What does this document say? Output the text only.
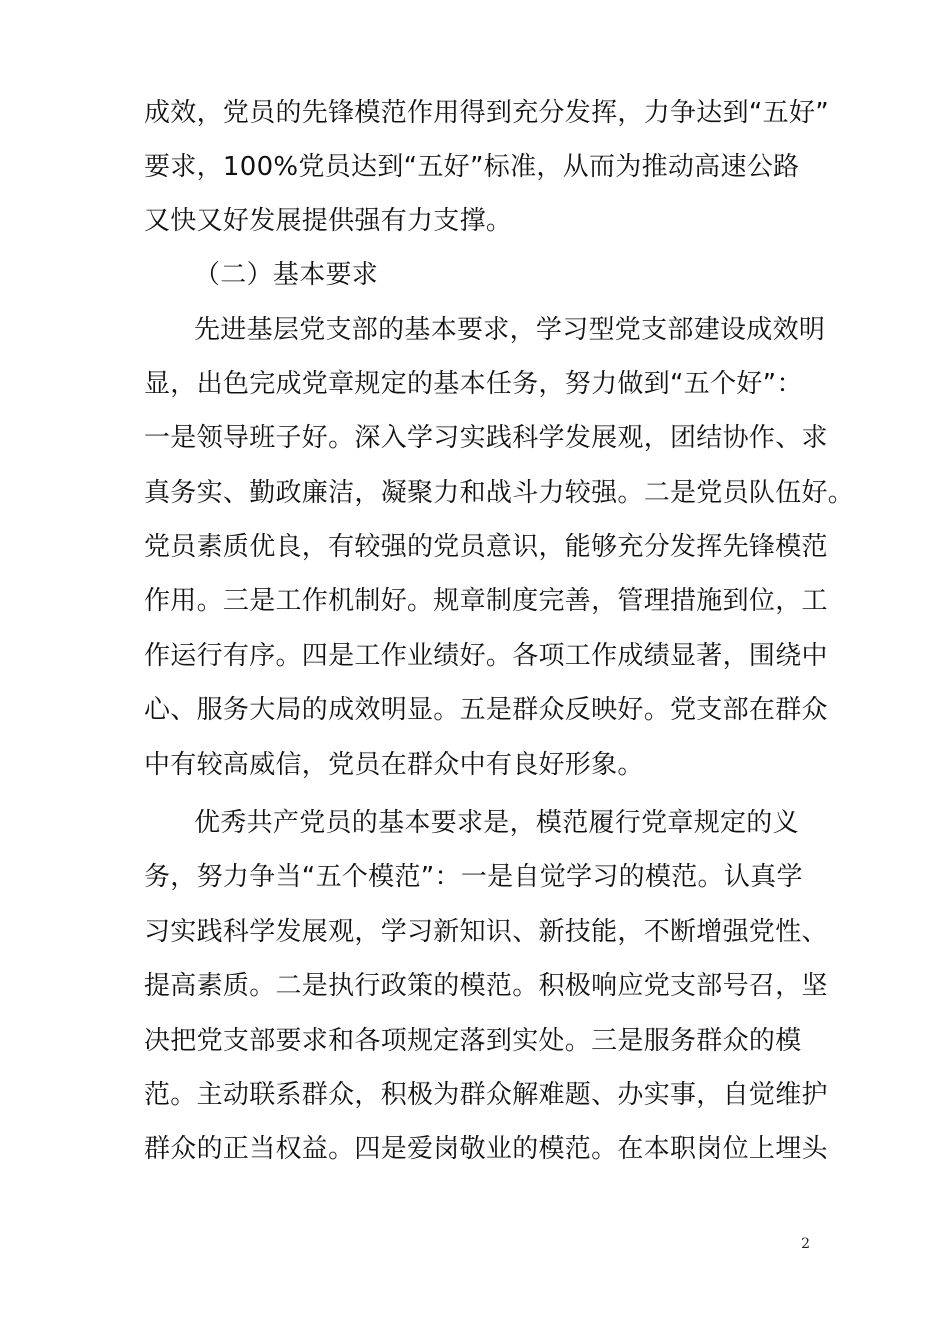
成效，党员的先锋模范作用得到充分发挥，力争达到“五好”
要求，100%党员达到“五好”标准，从而为推动高速公路
又快又好发展提供强有力支撑。
（二）基本要求
先进基层党支部的基本要求，学习型党支部建设成效明
显，出色完成党章规定的基本任务，努力做到“五个好”：
一是领导班子好。深入学习实践科学发展观，团结协作、求
真务实、勤政廉洁，凝聚力和战斗力较强。二是党员队伍好。
党员素质优良，有较强的党员意识，能够充分发挥先锋模范
作用。三是工作机制好。规章制度完善，管理措施到位，工
作运行有序。四是工作业绩好。各项工作成绩显著，围绕中
心、服务大局的成效明显。五是群众反映好。党支部在群众
中有较高威信，党员在群众中有良好形象。
优秀共产党员的基本要求是，模范履行党章规定的义
务，努力争当“五个模范”：一是自觉学习的模范。认真学
习实践科学发展观，学习新知识、新技能，不断增强党性、
提高素质。二是执行政策的模范。积极响应党支部号召，坚
决把党支部要求和各项规定落到实处。三是服务群众的模
范。主动联系群众，积极为群众解难题、办实事，自觉维护
群众的正当权益。四是爱岗敬业的模范。在本职岗位上埋头
2
